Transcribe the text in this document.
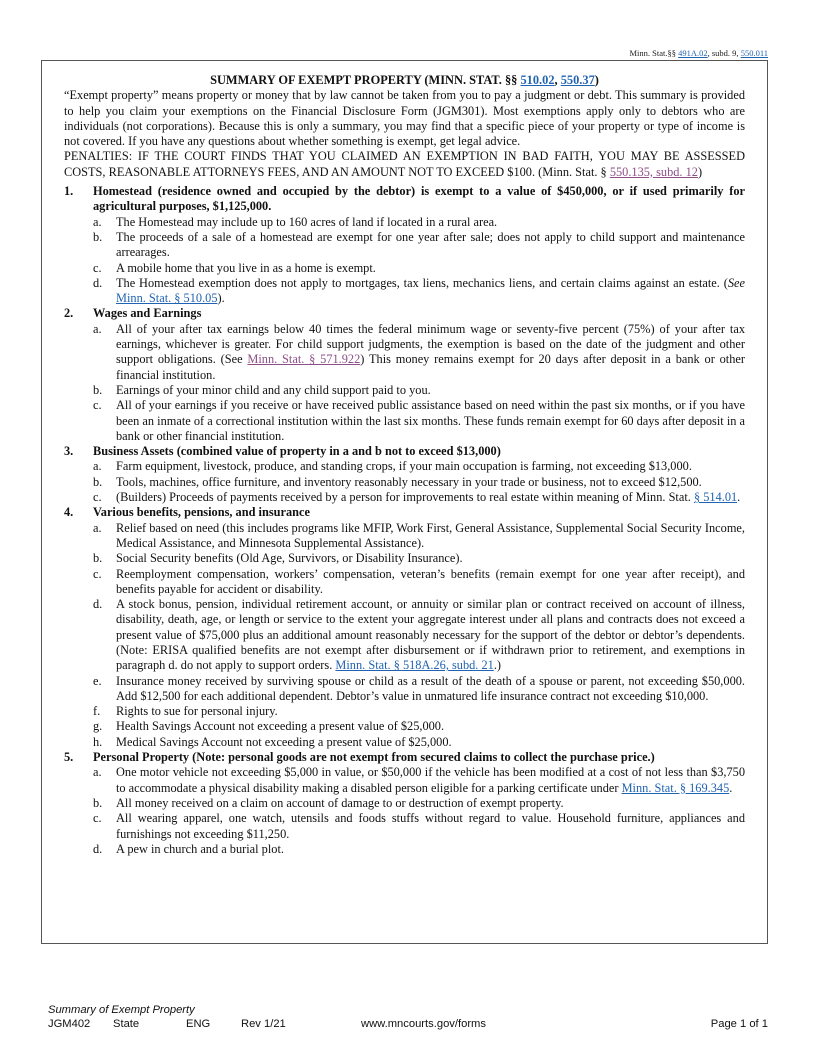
Minn. Stat.§§ 491A.02, subd. 9, 550.011
SUMMARY OF EXEMPT PROPERTY (MINN. STAT. §§ 510.02, 550.37)
“Exempt property” means property or money that by law cannot be taken from you to pay a judgment or debt. This summary is provided to help you claim your exemptions on the Financial Disclosure Form (JGM301). Most exemptions apply only to debtors who are individuals (not corporations). Because this is only a summary, you may find that a specific piece of your property or type of income is not covered. If you have any questions about whether something is exempt, get legal advice.
PENALTIES: IF THE COURT FINDS THAT YOU CLAIMED AN EXEMPTION IN BAD FAITH, YOU MAY BE ASSESSED COSTS, REASONABLE ATTORNEYS FEES, AND AN AMOUNT NOT TO EXCEED $100. (Minn. Stat. § 550.135, subd. 12)
1. Homestead (residence owned and occupied by the debtor) is exempt to a value of $450,000, or if used primarily for agricultural purposes, $1,125,000.
a. The Homestead may include up to 160 acres of land if located in a rural area.
b. The proceeds of a sale of a homestead are exempt for one year after sale; does not apply to child support and maintenance arrearages.
c. A mobile home that you live in as a home is exempt.
d. The Homestead exemption does not apply to mortgages, tax liens, mechanics liens, and certain claims against an estate. (See Minn. Stat. § 510.05).
2. Wages and Earnings
a. All of your after tax earnings below 40 times the federal minimum wage or seventy-five percent (75%) of your after tax earnings, whichever is greater. For child support judgments, the exemption is based on the date of the judgment and other support obligations. (See Minn. Stat. § 571.922) This money remains exempt for 20 days after deposit in a bank or other financial institution.
b. Earnings of your minor child and any child support paid to you.
c. All of your earnings if you receive or have received public assistance based on need within the past six months, or if you have been an inmate of a correctional institution within the last six months. These funds remain exempt for 60 days after deposit in a bank or other financial institution.
3. Business Assets (combined value of property in a and b not to exceed $13,000)
a. Farm equipment, livestock, produce, and standing crops, if your main occupation is farming, not exceeding $13,000.
b. Tools, machines, office furniture, and inventory reasonably necessary in your trade or business, not to exceed $12,500.
c. (Builders) Proceeds of payments received by a person for improvements to real estate within meaning of Minn. Stat. § 514.01.
4. Various benefits, pensions, and insurance
a. Relief based on need (this includes programs like MFIP, Work First, General Assistance, Supplemental Social Security Income, Medical Assistance, and Minnesota Supplemental Assistance).
b. Social Security benefits (Old Age, Survivors, or Disability Insurance).
c. Reemployment compensation, workers’ compensation, veteran’s benefits (remain exempt for one year after receipt), and benefits payable for accident or disability.
d. A stock bonus, pension, individual retirement account, or annuity or similar plan or contract received on account of illness, disability, death, age, or length or service to the extent your aggregate interest under all plans and contracts does not exceed a present value of $75,000 plus an additional amount reasonably necessary for the support of the debtor or debtor’s dependents. (Note: ERISA qualified benefits are not exempt after disbursement or if withdrawn prior to retirement, and exemptions in paragraph d. do not apply to support orders. Minn. Stat. § 518A.26, subd. 21.)
e. Insurance money received by surviving spouse or child as a result of the death of a spouse or parent, not exceeding $50,000. Add $12,500 for each additional dependent. Debtor’s value in unmatured life insurance contract not exceeding $10,000.
f. Rights to sue for personal injury.
g. Health Savings Account not exceeding a present value of $25,000.
h. Medical Savings Account not exceeding a present value of $25,000.
5. Personal Property (Note: personal goods are not exempt from secured claims to collect the purchase price.)
a. One motor vehicle not exceeding $5,000 in value, or $50,000 if the vehicle has been modified at a cost of not less than $3,750 to accommodate a physical disability making a disabled person eligible for a parking certificate under Minn. Stat. § 169.345.
b. All money received on a claim on account of damage to or destruction of exempt property.
c. All wearing apparel, one watch, utensils and foods stuffs without regard to value. Household furniture, appliances and furnishings not exceeding $11,250.
d. A pew in church and a burial plot.
Summary of Exempt Property
JGM402 State	ENG	Rev 1/21	www.mncourts.gov/forms	Page 1 of 1
